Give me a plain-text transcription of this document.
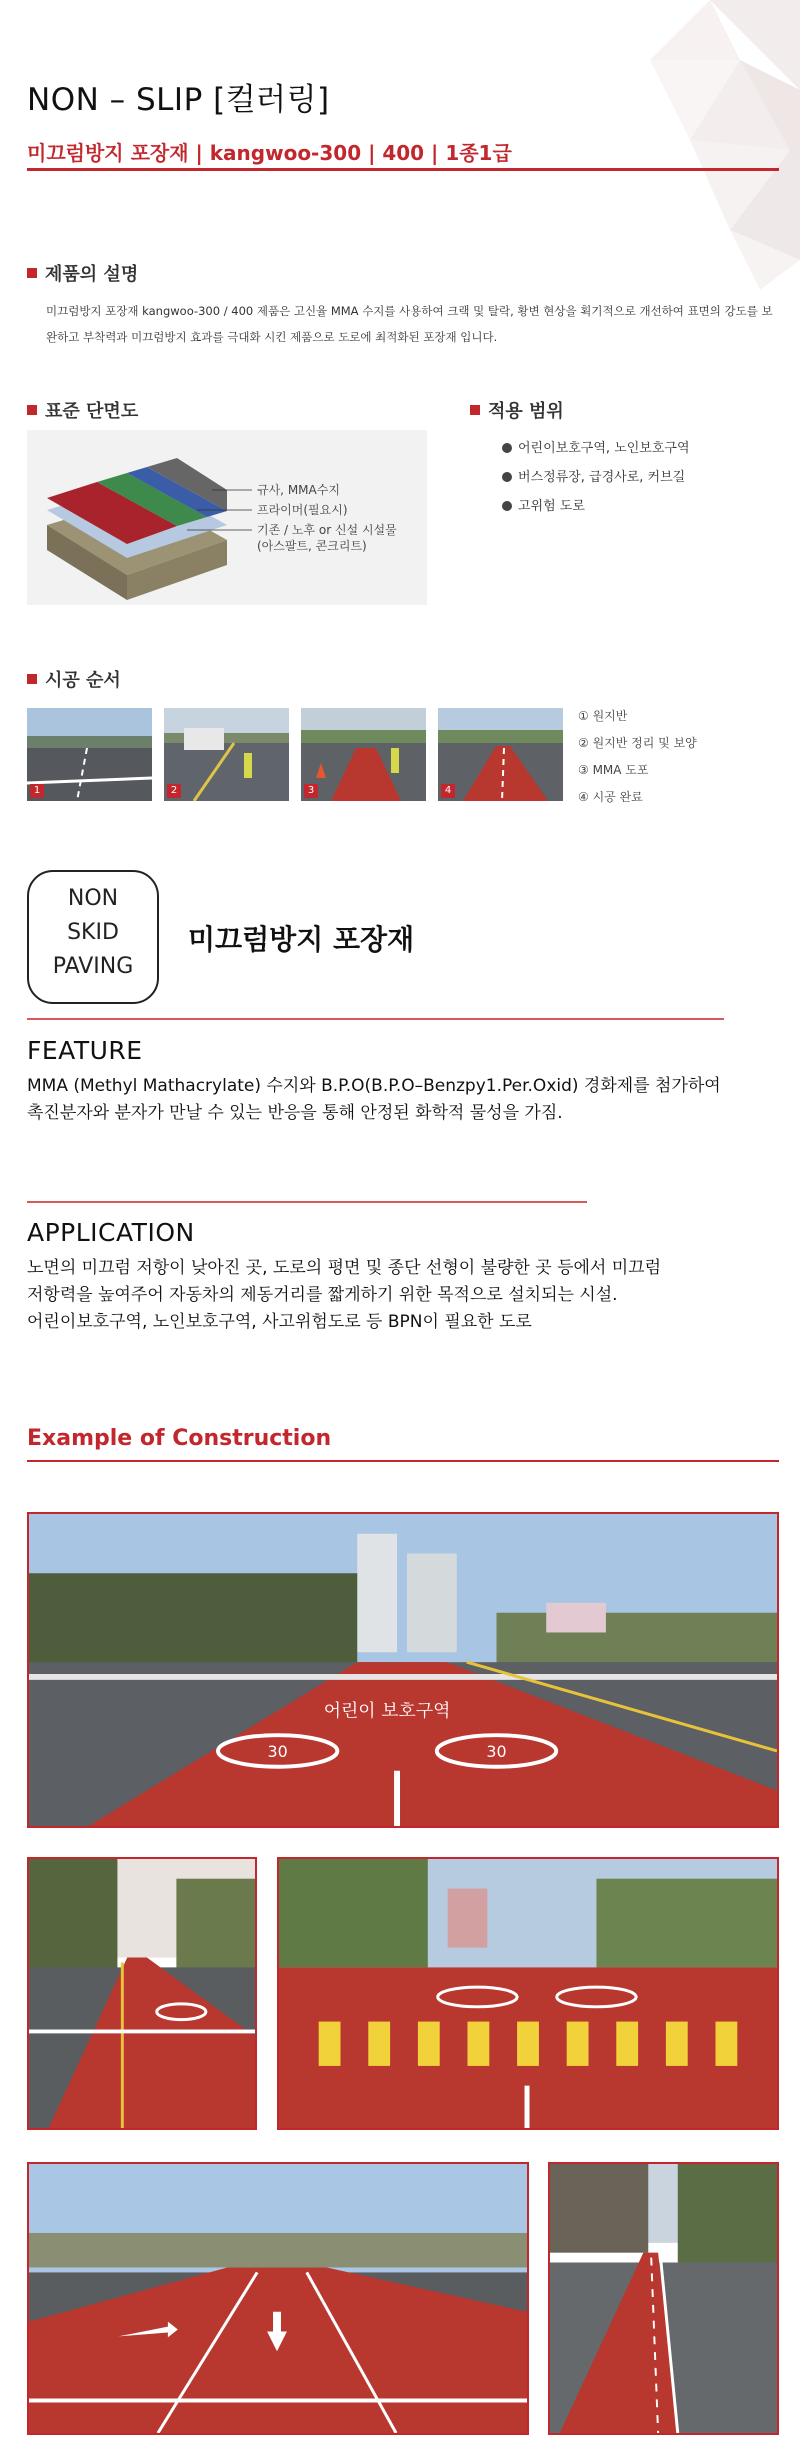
NON – SLIP [컬러링]
미끄럼방지 포장재 | kangwoo-300 | 400 | 1종1급
제품의 설명
미끄럼방지 포장재 kangwoo-300 / 400 제품은 고신율 MMA 수지를 사용하여 크랙 및 탈락, 황변 현상을 획기적으로 개선하여 표면의 강도를 보완하고 부착력과 미끄럼방지 효과를 극대화 시킨 제품으로 도로에 최적화된 포장재 입니다.
표준 단면도
규사, MMA수지
프라이머(필요시)
기존 / 노후 or 신설 시설물
(아스팔트, 콘크리트)
적용 범위
어린이보호구역, 노인보호구역
버스정류장, 급경사로, 커브길
고위험 도로
시공 순서
1	2	3	4
① 원지반
② 원지반 정리 및 보양
③ MMA 도포
④ 시공 완료
NON
SKID
PAVING
미끄럼방지 포장재
FEATURE
MMA (Methyl Mathacrylate) 수지와 B.P.O(B.P.O–Benzpy1.Per.Oxid) 경화제를 첨가하여
촉진분자와 분자가 만날 수 있는 반응을 통해 안정된 화학적 물성을 가짐.
APPLICATION
노면의 미끄럼 저항이 낮아진 곳, 도로의 평면 및 종단 선형이 불량한 곳 등에서 미끄럼
저항력을 높여주어 자동차의 제동거리를 짧게하기 위한 목적으로 설치되는 시설.
어린이보호구역, 노인보호구역, 사고위험도로 등 BPN이 필요한 도로
Example of Construction
30	30
어린이 보호구역
